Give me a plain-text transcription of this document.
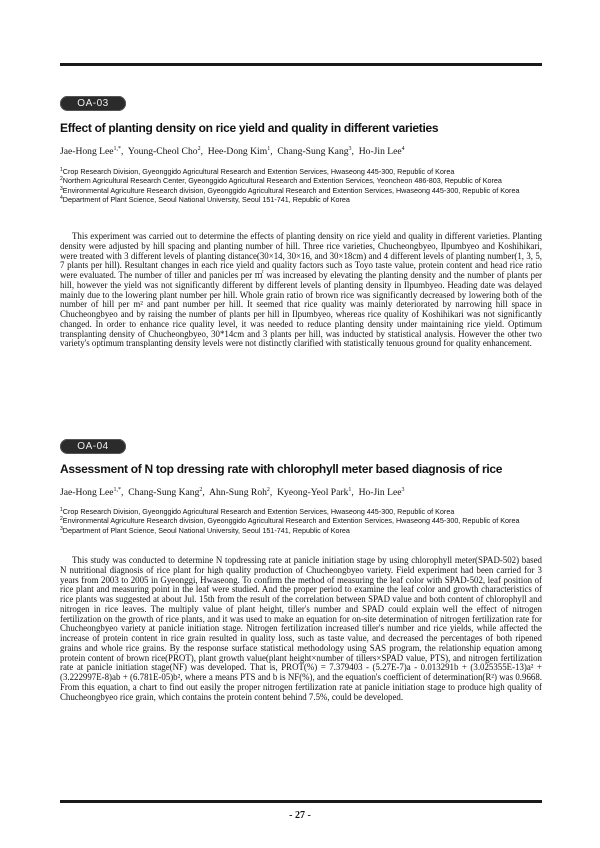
OA-03
Effect of planting density on rice yield and quality in different varieties
Jae-Hong Lee$^{1,*}$,  Young-Cheol Cho$^2$,  Hee-Dong Kim$^1$,  Chang-Sung Kang$^3$,  Ho-Jin Lee$^4$
$^1$Crop Research Division, Gyeonggido Agricultural Research and Extention Services, Hwaseong 445-300, Republic of Korea
$^2$Northern Agricultural Research Center, Gyeonggido Agricultural Research and Extention Services, Yeoncheon 486-803, Republic of Korea
$^3$Environmental Agriculture Research division, Gyeonggido Agricultural Research and Extention Services, Hwaseong 445-300, Republic of Korea
$^4$Department of Plant Science, Seoul National University, Seoul 151-741, Republic of Korea

This experiment was carried out to determine the effects of planting density on rice yield and quality in different varieties. Planting density were adjusted by hill spacing and planting number of hill. Three rice varieties, Chucheongbyeo, Ilpumbyeo and Koshihikari, were treated with 3 different levels of planting distance(30×14, 30×16, and 30×18cm) and 4 different levels of planting number(1, 3, 5, 7 plants per hill). Resultant changes in each rice yield and quality factors such as Toyo taste value, protein content and head rice ratio were evaluated. The number of tiller and panicles per ㎡ was increased by elevating the planting density and the number of plants per hill, however the yield was not significantly different by different levels of planting density in Ilpumbyeo. Heading date was delayed mainly due to the lowering plant number per hill. Whole grain ratio of brown rice was significantly decreased by lowering both of the number of hill per m² and pant number per hill. It seemed that rice quality was mainly deteriorated by narrowing hill space in Chucheongbyeo and by raising the number of plants per hill in Ilpumbyeo, whereas rice quality of Koshihikari was not significantly changed. In order to enhance rice quality level, it was needed to reduce planting density under maintaining rice yield. Optimum transplanting density of Chucheongbyeo, 30*14cm and 3 plants per hill, was inducted by statistical analysis. However the other two variety's optimum transplanting density levels were not distinctly clarified with statistically tenuous ground for quality enhancement.

OA-04
Assessment of N top dressing rate with chlorophyll meter based diagnosis of rice
Jae-Hong Lee$^{1,*}$,  Chang-Sung Kang$^2$,  Ahn-Sung Roh$^2$,  Kyeong-Yeol Park$^1$,  Ho-Jin Lee$^3$
$^1$Crop Research Division, Gyeonggido Agricultural Research and Extention Services, Hwaseong 445-300, Republic of Korea
$^2$Environmental Agriculture Research division, Gyeonggido Agricultural Research and Extention Services, Hwaseong 445-300, Republic of Korea
$^3$Department of Plant Science, Seoul National University, Seoul 151-741, Republic of Korea

This study was conducted to determine N topdressing rate at panicle initiation stage by using chlorophyll meter(SPAD-502) based N nutritional diagnosis of rice plant for high quality production of Chucheongbyeo variety. Field experiment had been carried for 3 years from 2003 to 2005 in Gyeonggi, Hwaseong. To confirm the method of measuring the leaf color with SPAD-502, leaf position of rice plant and measuring point in the leaf were studied. And the proper period to examine the leaf color and growth characteristics of rice plants was suggested at about Jul. 15th from the result of the correlation between SPAD value and both content of chlorophyll and nitrogen in rice leaves. The multiply value of plant height, tiller's number and SPAD could explain well the effect of nitrogen fertilization on the growth of rice plants, and it was used to make an equation for on-site determination of nitrogen fertilization rate for Chucheongbyeo variety at panicle initiation stage. Nitrogen fertilization increased tiller's number and rice yields, while affected the increase of protein content in rice grain resulted in quality loss, such as taste value, and decreased the percentages of both ripened grains and whole rice grains. By the response surface statistical methodology using SAS program, the relationship equation among protein content of brown rice(PROT), plant growth value(plant height×number of tillers×SPAD value, PTS), and nitrogen fertilization rate at panicle initiation stage(NF) was developed. That is, PROT(%) = 7.379403 - (5.27E-7)a - 0.013291b + (3.025355E-13)a² + (3.222997E-8)ab + (6.781E-05)b², where a means PTS and b is NF(%), and the equation's coefficient of determination(R²) was 0.9668. From this equation, a chart to find out easily the proper nitrogen fertilization rate at panicle initiation stage to produce high quality of Chucheongbyeo rice grain, which contains the protein content behind 7.5%, could be developed.

- 27 -
